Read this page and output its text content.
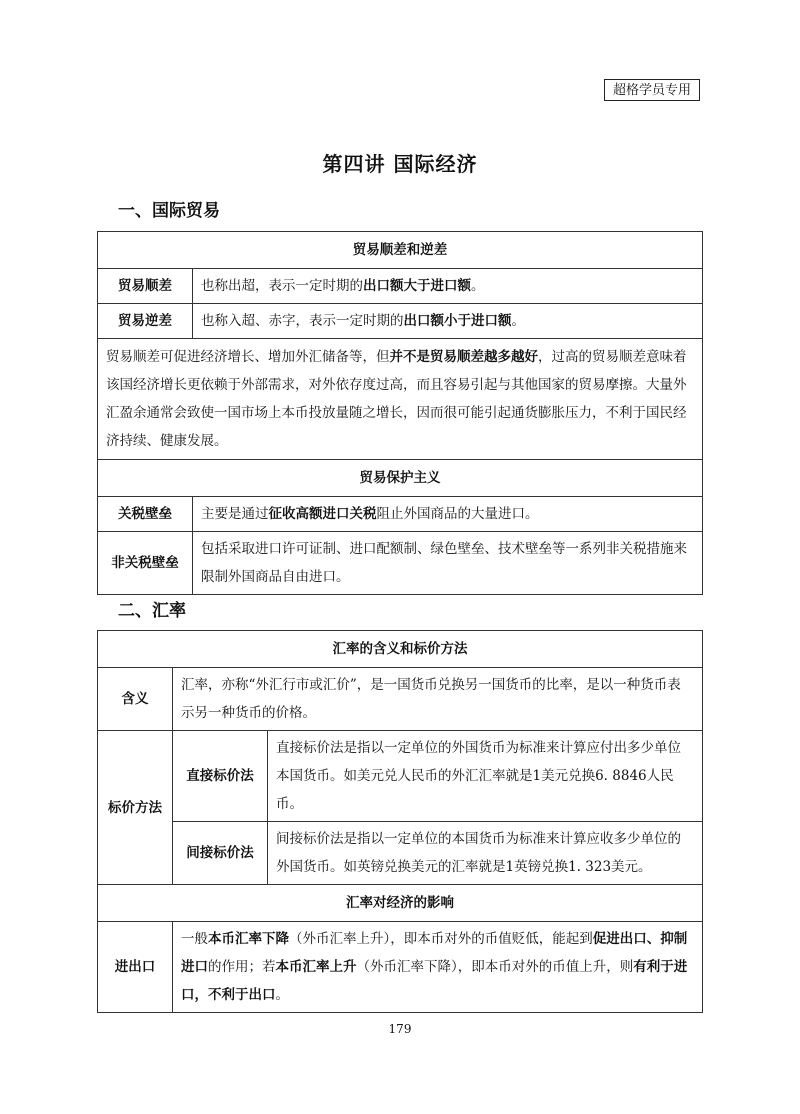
超格学员专用
第四讲 国际经济
一、国际贸易
贸易顺差和逆差	
贸易顺差	也称出超，表示一定时期的出口额大于进口额。
贸易逆差	也称入超、赤字，表示一定时期的出口额小于进口额。
贸易顺差可促进经济增长、增加外汇储备等，但并不是贸易顺差越多越好，过高的贸易顺差意味着该国经济增长更依赖于外部需求，对外依存度过高，而且容易引起与其他国家的贸易摩擦。大量外汇盈余通常会致使一国市场上本币投放量随之增长，因而很可能引起通货膨胀压力，不利于国民经济持续、健康发展。	
贸易保护主义	
关税壁垒	主要是通过征收高额进口关税阻止外国商品的大量进口。
非关税壁垒	包括采取进口许可证制、进口配额制、绿色壁垒、技术壁垒等一系列非关税措施来限制外国商品自由进口。
二、汇率
汇率的含义和标价方法		
含义	汇率，亦称“外汇行市或汇价”，是一国货币兑换另一国货币的比率，是以一种货币表示另一种货币的价格。	
标价方法	直接标价法	直接标价法是指以一定单位的外国货币为标准来计算应付出多少单位本国货币。如美元兑人民币的外汇汇率就是1美元兑换6. 8846人民币。
	间接标价法	间接标价法是指以一定单位的本国货币为标准来计算应收多少单位的外国货币。如英镑兑换美元的汇率就是1英镑兑换1. 323美元。
汇率对经济的影响		
进出口	一般本币汇率下降（外币汇率上升），即本币对外的币值贬低，能起到促进出口、抑制进口的作用；若本币汇率上升（外币汇率下降），即本币对外的币值上升，则有利于进口，不利于出口。	
179
